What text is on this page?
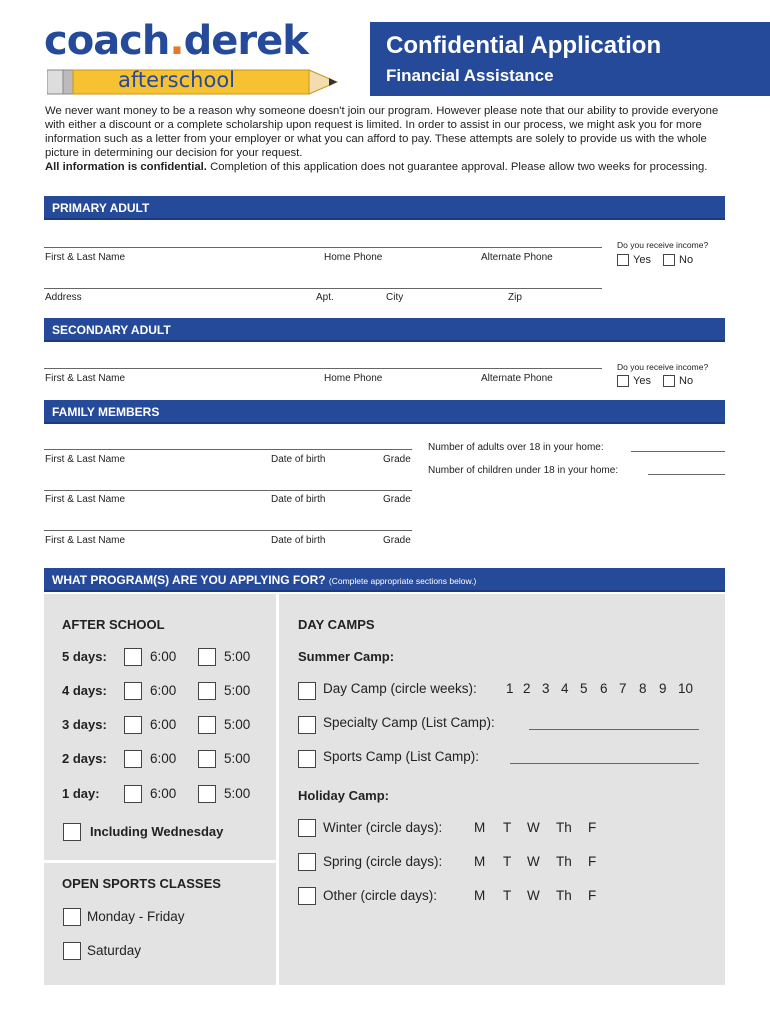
coach.derek
afterschool
Confidential Application
Financial Assistance
We never want money to be a reason why someone doesn't join our program. However please note that our ability to provide everyone with either a discount or a complete scholarship upon request is limited. In order to assist in our process, we might ask you for more information such as a letter from your employer or what you can afford to pay. These attempts are solely to provide us with the whole picture in determining our decision for your request.
All information is confidential. Completion of this application does not guarantee approval. Please allow two weeks for processing.
PRIMARY ADULT
First & Last Name	Home Phone	Alternate Phone
Do you receive income?
Yes	No
Address	Apt.	City	Zip
SECONDARY ADULT
First & Last Name	Home Phone	Alternate Phone
Do you receive income?
Yes	No
FAMILY MEMBERS
First & Last Name	Date of birth	Grade
First & Last Name	Date of birth	Grade
First & Last Name	Date of birth	Grade
Number of adults over 18 in your home:
Number of children under 18 in your home:
WHAT PROGRAM(S) ARE YOU APPLYING FOR? (Complete appropriate sections below.)
AFTER SCHOOL
5 days:	6:00	5:00
4 days:	6:00	5:00
3 days:	6:00	5:00
2 days:	6:00	5:00
1 day:	6:00	5:00
Including Wednesday
OPEN SPORTS CLASSES
Monday - Friday
Saturday
DAY CAMPS
Summer Camp:
Day Camp (circle weeks): 1 2 3 4 5 6 7 8 9 10
Specialty Camp (List Camp):
Sports Camp (List Camp):
Holiday Camp:
Winter (circle days): M T W Th F
Spring (circle days): M T W Th F
Other (circle days):	M T W Th F
